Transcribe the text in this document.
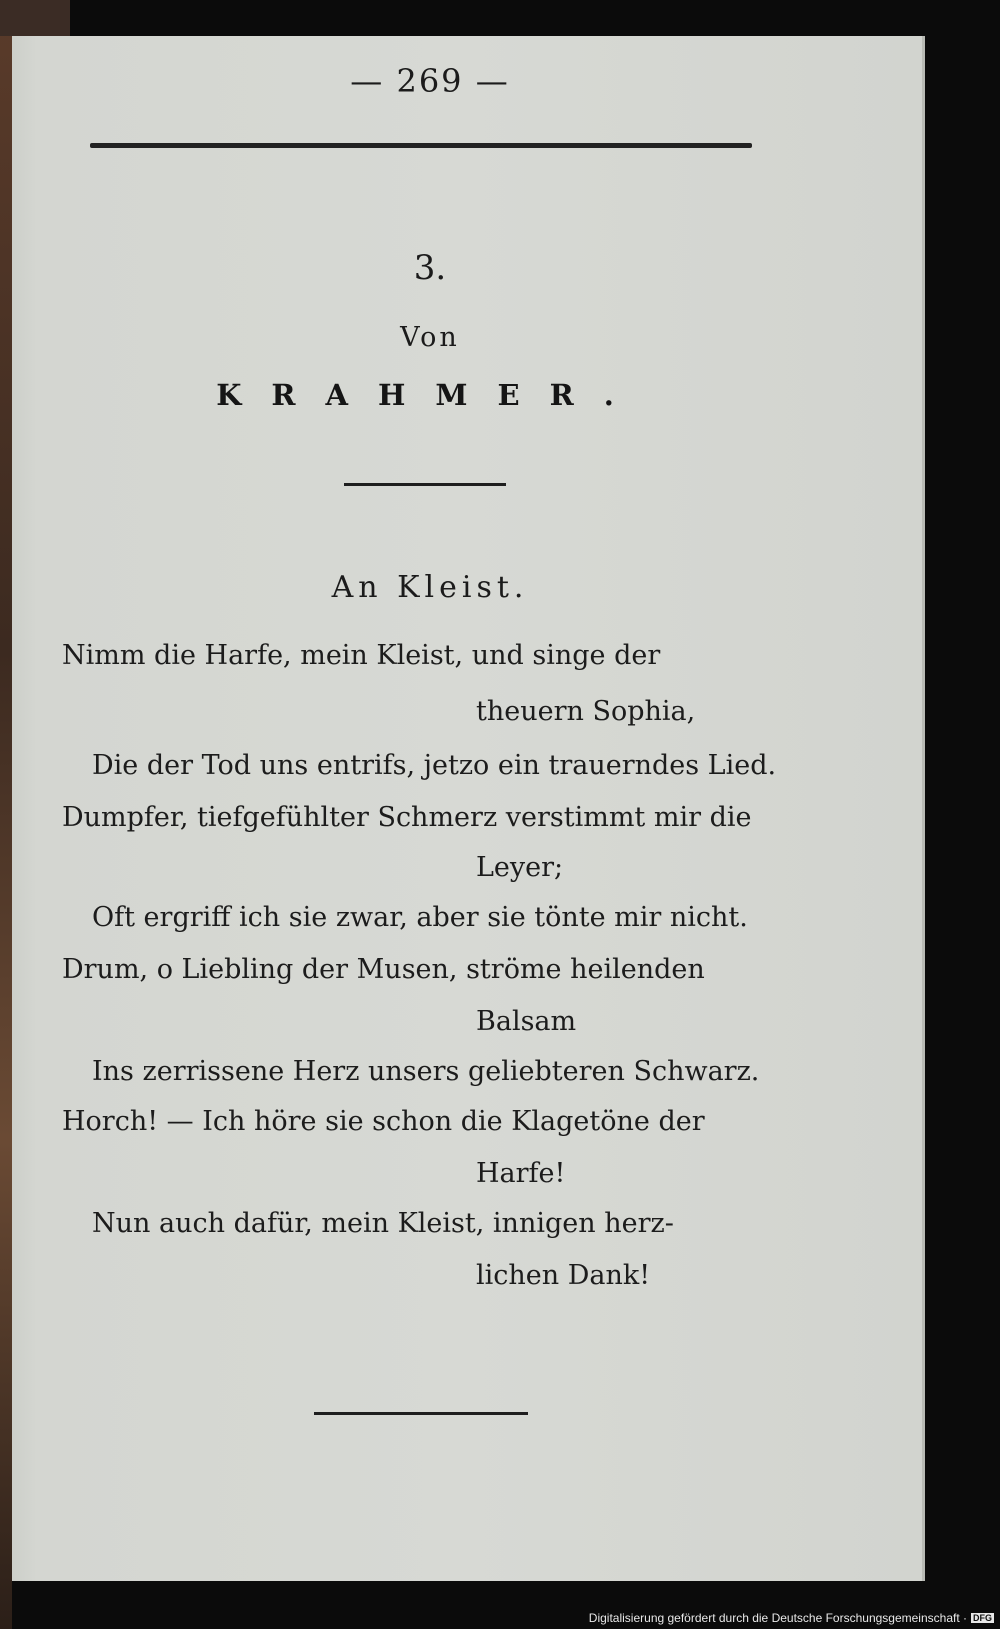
— 269 —
3.
Von
KRAHMER.
An Kleist.
Nimm die Harfe, mein Kleist, und singe der
theuern Sophia,
Die der Tod uns entrifs, jetzo ein trauerndes Lied.
Dumpfer, tiefgefühlter Schmerz verstimmt mir die
Leyer;
Oft ergriff ich sie zwar, aber sie tönte mir nicht.
Drum, o Liebling der Musen, ströme heilenden
Balsam
Ins zerrissene Herz unsers geliebteren Schwarz.
Horch! — Ich höre sie schon die Klagetöne der
Harfe!
Nun auch dafür, mein Kleist, innigen herz-
lichen Dank!
Digitalisierung gefördert durch die Deutsche Forschungsgemeinschaft · DFG
